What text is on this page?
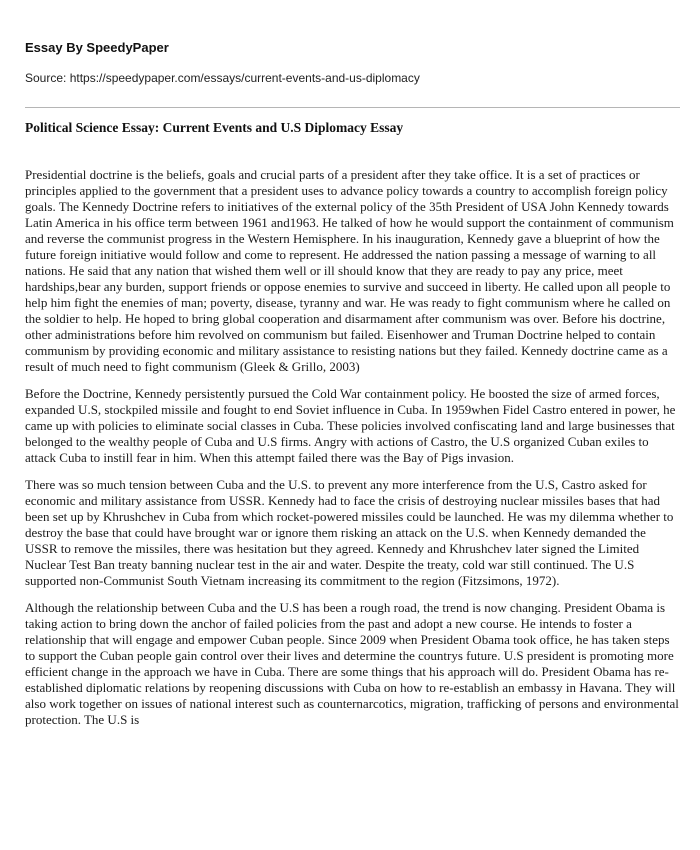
Essay By SpeedyPaper

Source: https://speedypaper.com/essays/current-events-and-us-diplomacy

Political Science Essay: Current Events and U.S Diplomacy Essay

Presidential doctrine is the beliefs, goals and crucial parts of a president after they take office. It is a set of practices or principles applied to the government that a president uses to advance policy towards a country to accomplish foreign policy goals. The Kennedy Doctrine refers to initiatives of the external policy of the 35th President of USA John Kennedy towards Latin America in his office term between 1961 and1963. He talked of how he would support the containment of communism and reverse the communist progress in the Western Hemisphere. In his inauguration, Kennedy gave a blueprint of how the future foreign initiative would follow and come to represent. He addressed the nation passing a message of warning to all nations. He said that any nation that wished them well or ill should know that they are ready to pay any price, meet hardships,bear any burden, support friends or oppose enemies to survive and succeed in liberty. He called upon all people to help him fight the enemies of man; poverty, disease, tyranny and war. He was ready to fight communism where he called on the soldier to help. He hoped to bring global cooperation and disarmament after communism was over. Before his doctrine, other administrations before him revolved on communism but failed. Eisenhower and Truman Doctrine helped to contain communism by providing economic and military assistance to resisting nations but they failed. Kennedy doctrine came as a result of much need to fight communism (Gleek & Grillo, 2003)

Before the Doctrine, Kennedy persistently pursued the Cold War containment policy. He boosted the size of armed forces, expanded U.S, stockpiled missile and fought to end Soviet influence in Cuba. In 1959when Fidel Castro entered in power, he came up with policies to eliminate social classes in Cuba. These policies involved confiscating land and large businesses that belonged to the wealthy people of Cuba and U.S firms. Angry with actions of Castro, the U.S organized Cuban exiles to attack Cuba to instill fear in him. When this attempt failed there was the Bay of Pigs invasion.

There was so much tension between Cuba and the U.S. to prevent any more interference from the U.S, Castro asked for economic and military assistance from USSR. Kennedy had to face the crisis of destroying nuclear missiles bases that had been set up by Khrushchev in Cuba from which rocket-powered missiles could be launched. He was my dilemma whether to destroy the base that could have brought war or ignore them risking an attack on the U.S. when Kennedy demanded the USSR to remove the missiles, there was hesitation but they agreed. Kennedy and Khrushchev later signed the Limited Nuclear Test Ban treaty banning nuclear test in the air and water. Despite the treaty, cold war still continued. The U.S supported non-Communist South Vietnam increasing its commitment to the region (Fitzsimons, 1972).

Although the relationship between Cuba and the U.S has been a rough road, the trend is now changing. President Obama is taking action to bring down the anchor of failed policies from the past and adopt a new course. He intends to foster a relationship that will engage and empower Cuban people. Since 2009 when President Obama took office, he has taken steps to support the Cuban people gain control over their lives and determine the countrys future. U.S president is promoting more efficient change in the approach we have in Cuba. There are some things that his approach will do. President Obama has re-established diplomatic relations by reopening discussions with Cuba on how to re-establish an embassy in Havana. They will also work together on issues of national interest such as counternarcotics, migration, trafficking of persons and environmental protection. The U.S is
